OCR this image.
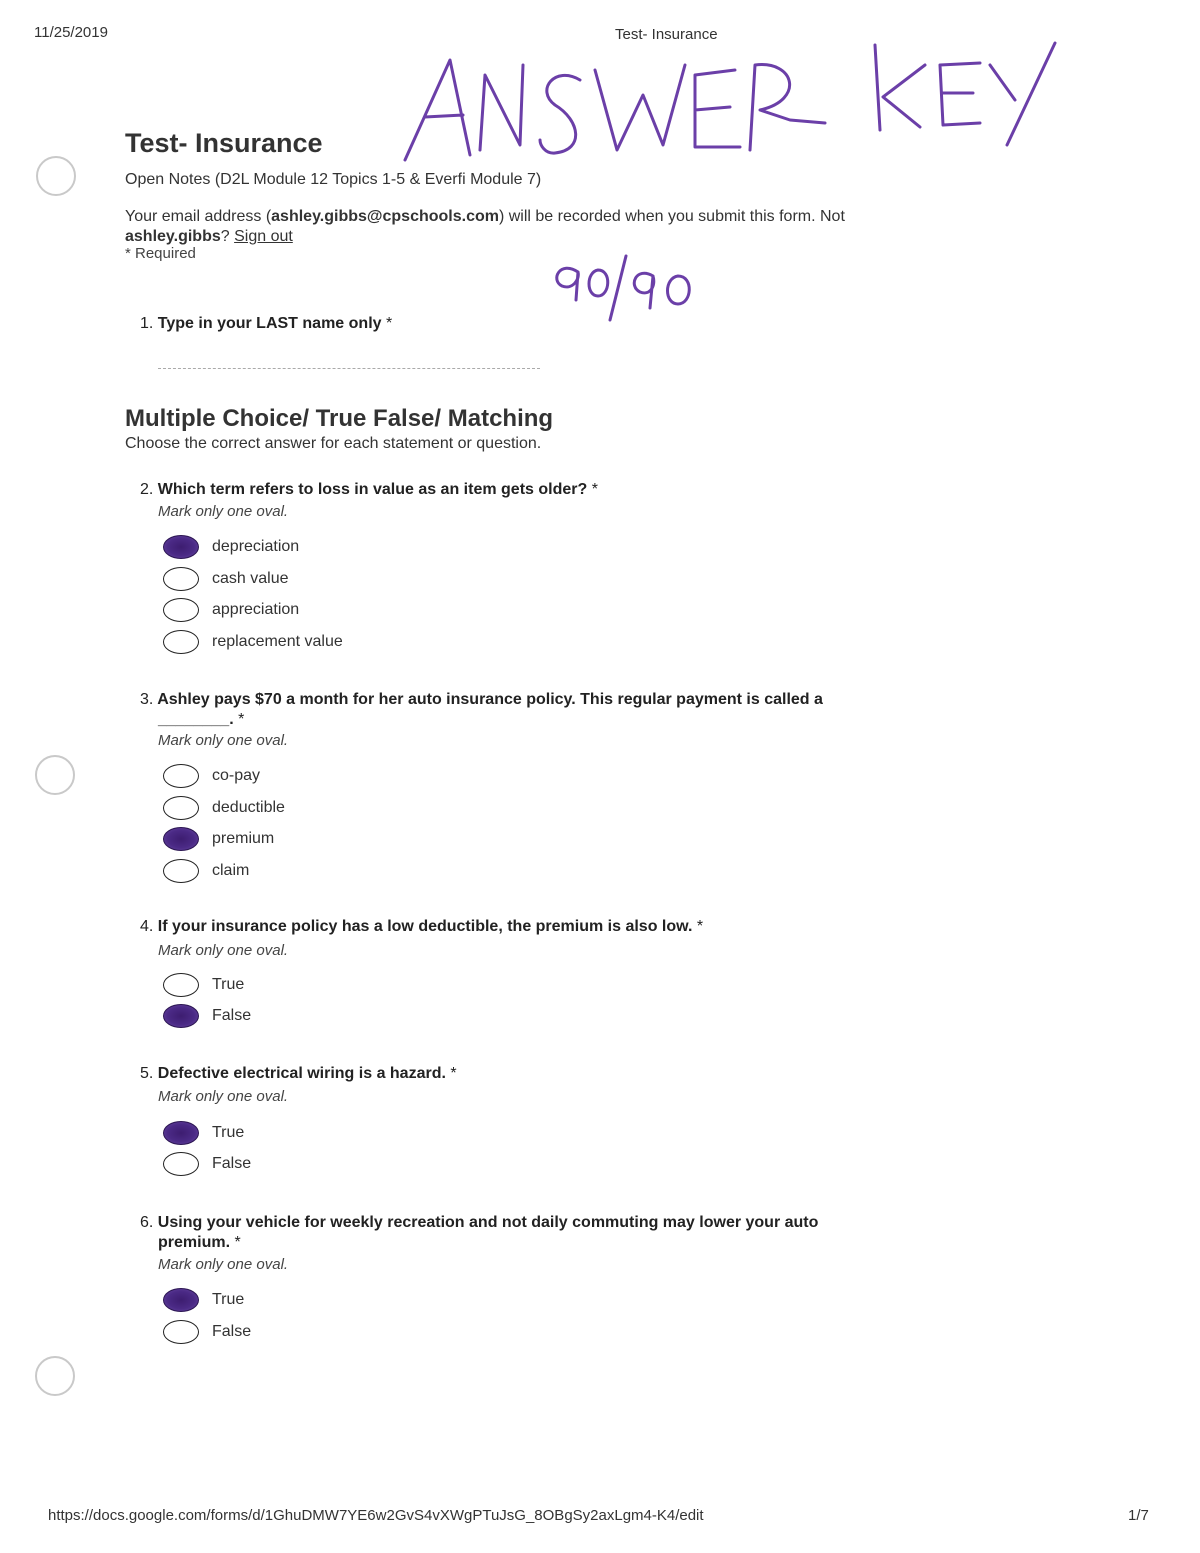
11/25/2019	Test- Insurance
Test- Insurance
Open Notes (D2L Module 12 Topics 1-5 & Everfi Module 7)
Your email address (ashley.gibbs@cpschools.com) will be recorded when you submit this form. Not
ashley.gibbs? Sign out
* Required
1. Type in your LAST name only *
Multiple Choice/ True False/ Matching
Choose the correct answer for each statement or question.
2. Which term refers to loss in value as an item gets older? *
Mark only one oval.
depreciation
cash value
appreciation
replacement value
3. Ashley pays $70 a month for her auto insurance policy. This regular payment is called a
________. *
Mark only one oval.
co-pay
deductible
premium
claim
4. If your insurance policy has a low deductible, the premium is also low. *
Mark only one oval.
True
False
5. Defective electrical wiring is a hazard. *
Mark only one oval.
True
False
6. Using your vehicle for weekly recreation and not daily commuting may lower your auto
premium. *
Mark only one oval.
True
False
https://docs.google.com/forms/d/1GhuDMW7YE6w2GvS4vXWgPTuJsG_8OBgSy2axLgm4-K4/edit	1/7
